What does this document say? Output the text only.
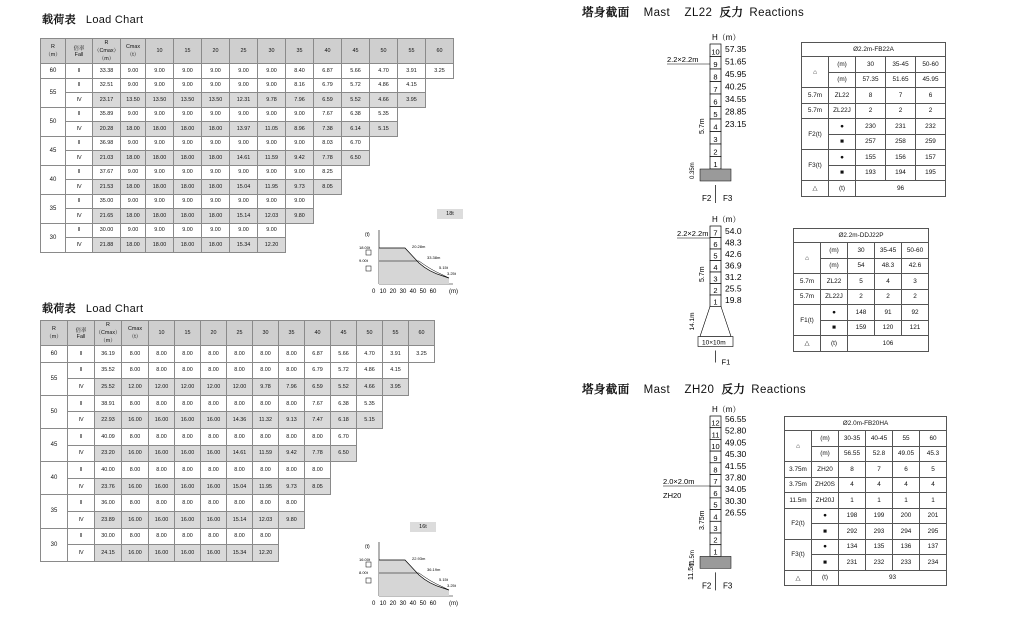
载荷表 Load Chart
R
（m）	倍率
Fall	R
（Cmax）
（m）	Cmax
（t）	10	15	20	25	30	35	40	45	50	55	60
60	II	33.38	9.00	9.00	9.00	9.00	9.00	9.00	8.40	6.87	5.66	4.70	3.91	3.25
55	II	32.51	9.00	9.00	9.00	9.00	9.00	9.00	8.16	6.79	5.72	4.86	4.15	
	IV	23.17	13.50	13.50	13.50	13.50	12.31	9.78	7.96	6.59	5.52	4.66	3.95	
50	II	35.89	9.00	9.00	9.00	9.00	9.00	9.00	9.00	7.67	6.38	5.35		
	IV	20.28	18.00	18.00	18.00	18.00	13.97	11.05	8.96	7.38	6.14	5.15		
45	II	36.98	9.00	9.00	9.00	9.00	9.00	9.00	9.00	8.03	6.70			
	IV	21.03	18.00	18.00	18.00	18.00	14.61	11.59	9.42	7.78	6.50			
40	II	37.67	9.00	9.00	9.00	9.00	9.00	9.00	9.00	8.25				
	IV	21.53	18.00	18.00	18.00	18.00	15.04	11.95	9.73	8.05				
35	II	35.00	9.00	9.00	9.00	9.00	9.00	9.00	9.00					
	IV	21.65	18.00	18.00	18.00	18.00	15.14	12.03	9.80					
30	II	30.00	9.00	9.00	9.00	9.00	9.00	9.00						
	IV	21.88	18.00	18.00	18.00	18.00	15.34	12.20						
18t
(t)
18.00t
9.00t
20.28m
33.38m
5.15t
3.25t
10 20 30 40 50 60
0	(m)
载荷表 Load Chart
R
（m）	倍率
Fall	R
（Cmax）
（m）	Cmax
（t）	10	15	20	25	30	35	40	45	50	55	60
60	II	36.19	8.00	8.00	8.00	8.00	8.00	8.00	8.00	6.87	5.66	4.70	3.91	3.25
55	II	35.52	8.00	8.00	8.00	8.00	8.00	8.00	8.00	6.79	5.72	4.86	4.15	
	IV	25.52	12.00	12.00	12.00	12.00	12.00	9.78	7.96	6.59	5.52	4.66	3.95	
50	II	38.91	8.00	8.00	8.00	8.00	8.00	8.00	8.00	7.67	6.38	5.35		
	IV	22.93	16.00	16.00	16.00	16.00	14.36	11.32	9.13	7.47	6.18	5.15		
45	II	40.09	8.00	8.00	8.00	8.00	8.00	8.00	8.00	8.00	6.70			
	IV	23.20	16.00	16.00	16.00	16.00	14.61	11.59	9.42	7.78	6.50			
40	II	40.00	8.00	8.00	8.00	8.00	8.00	8.00	8.00	8.00				
	IV	23.76	16.00	16.00	16.00	16.00	15.04	11.95	9.73	8.05				
35	II	36.00	8.00	8.00	8.00	8.00	8.00	8.00	8.00					
	IV	23.89	16.00	16.00	16.00	16.00	15.14	12.03	9.80					
30	II	30.00	8.00	8.00	8.00	8.00	8.00	8.00						
	IV	24.15	16.00	16.00	16.00	16.00	15.34	12.20						
16t
(t)
16.00t
8.00t
22.93m
36.19m
5.15t
3.25t
10 20 30 40 50 60
0	(m)
塔身截面 Mast ZL22 反力 Reactions
塔身截面 Mast ZH20 反力 Reactions
H（m）
10
9
8
7
6
5
4
3
2
1
57.35
51.65
45.95
40.25
34.55
28.85
23.15
2.2×2.2m
5.7m
0.35m
F2 F3
H（m）
7
6
5
4
3
2
1
54.0
48.3
42.6
36.9
31.2
25.5
19.8
2.2×2.2m
5.7m
10×10m
14.1m
F1
H（m）
12
11
10
9
8
7
6
5
4
3
2
1
56.55
52.80
49.05
45.30
41.55
37.80
34.05
30.30
26.55
2.0×2.0m
ZH20
3.75m
11.5m
F2 F3
11.5m
Ø2.2m-FB22A				
⌂	(m)	30	35-45	50-60
	(m)	57.35	51.65	45.95
5.7m	ZL22	8	7	6
5.7m	ZL22J	2	2	2
F2(t)	●	230	231	232
	■	257	258	259
F3(t)	●	155	156	157
	■	193	194	195
△	(t)	96		
Ø2.2m-DDJ22P				
⌂	(m)	30	35-45	50-60
	(m)	54	48.3	42.6
5.7m	ZL22	5	4	3
5.7m	ZL22J	2	2	2
F1(t)	●	148	91	92
	■	159	120	121
△	(t)	106		
Ø2.0m-FB20HA					
⌂	(m)	30-35	40-45	55	60
	(m)	56.55	52.8	49.05	45.3
3.75m	ZH20	8	7	6	5
3.75m	ZH20S	4	4	4	4
11.5m	ZH20J	1	1	1	1
F2(t)	●	198	199	200	201
	■	292	293	294	295
F3(t)	●	134	135	136	137
	■	231	232	233	234
△	(t)	93			
